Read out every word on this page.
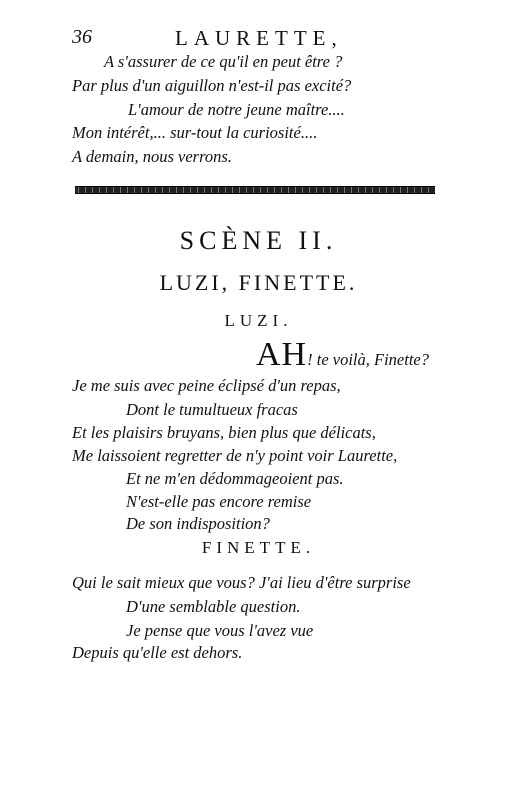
36	LAURETTE,
A s'assurer de ce qu'il en peut être ?
Par plus d'un aiguillon n'est-il pas excité?
L'amour de notre jeune maître....
Mon intérêt,... sur-tout la curiosité....
A demain, nous verrons.
SCÈNE II.
LUZI, FINETTE.
LUZI.
AH! te voilà, Finette?
Je me suis avec peine éclipsé d'un repas,
Dont le tumultueux fracas
Et les plaisirs bruyans, bien plus que délicats,
Me laissoient regretter de n'y point voir Laurette,
Et ne m'en dédommageoient pas.
N'est-elle pas encore remise
De son indisposition?
FINETTE.
Qui le sait mieux que vous? J'ai lieu d'être surprise
D'une semblable question.
Je pense que vous l'avez vue
Depuis qu'elle est dehors.
